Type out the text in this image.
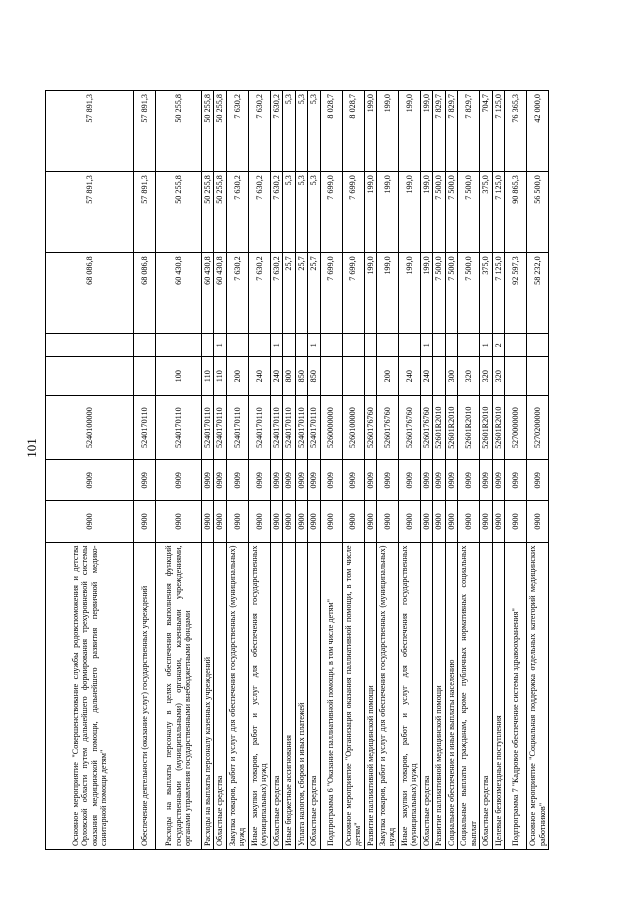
101
Основное мероприятие "Совершенствование службы родовспоможения и детства Орловской области путем дальнейшего формирования трехуровневой системы оказания медицинской помощи, дальнейшего развития первичной медико-санитарной помощи детям"	0900	0909	5240100000			68 086,8	57 891,3	57 891,3
Обеспечение деятельности (оказание услуг) государственных учреждений	0900	0909	5240170110			68 086,8	57 891,3	57 891,3
Расходы на выплаты персоналу в целях обеспечения выполнения функций государственными (муниципальными) органами, казенными учреждениями, органами управления государственными внебюджетными фондами	0900	0909	5240170110	100		60 430,8	50 255,8	50 255,8
Расходы на выплаты персоналу казенных учреждений	0900	0909	5240170110	110		60 430,8	50 255,8	50 255,8
Областные средства	0900	0909	5240170110	110	1	60 430,8	50 255,8	50 255,8
Закупка товаров, работ и услуг для обеспечения государственных (муниципальных) нужд	0900	0909	5240170110	200		7 630,2	7 630,2	7 630,2
Иные закупки товаров, работ и услуг для обеспечения государственных (муниципальных) нужд	0900	0909	5240170110	240		7 630,2	7 630,2	7 630,2
Областные средства	0900	0909	5240170110	240	1	7 630,2	7 630,2	7 630,2
Иные бюджетные ассигнования	0900	0909	5240170110	800		25,7	5,3	5,3
Уплата налогов, сборов и иных платежей	0900	0909	5240170110	850		25,7	5,3	5,3
Областные средства	0900	0909	5240170110	850	1	25,7	5,3	5,3
Подпрограмма 6 "Оказание паллиативной помощи, в том числе детям"	0900	0909	5260000000			7 699,0	7 699,0	8 028,7
Основное мероприятие "Организация оказания паллиативной помощи, в том числе детям"	0900	0909	5260100000			7 699,0	7 699,0	8 028,7
Развитие паллиативной медицинской помощи	0900	0909	5260176760			199,0	199,0	199,0
Закупка товаров, работ и услуг для обеспечения государственных (муниципальных) нужд	0900	0909	5260176760	200		199,0	199,0	199,0
Иные закупки товаров, работ и услуг для обеспечения государственных (муниципальных) нужд	0900	0909	5260176760	240		199,0	199,0	199,0
Областные средства	0900	0909	5260176760	240	1	199,0	199,0	199,0
Развитие паллиативной медицинской помощи	0900	0909	52601R2010			7 500,0	7 500,0	7 829,7
Социальное обеспечение и иные выплаты населению	0900	0909	52601R2010	300		7 500,0	7 500,0	7 829,7
Социальные выплаты гражданам, кроме публичных нормативных социальных выплат	0900	0909	52601R2010	320		7 500,0	7 500,0	7 829,7
Областные средства	0900	0909	52601R2010	320	1	375,0	375,0	704,7
Целевые безвозмездные поступления	0900	0909	52601R2010	320	2	7 125,0	7 125,0	7 125,0
Подпрограмма 7 "Кадровое обеспечение системы здравоохранения"	0900	0909	5270000000			92 597,3	90 865,3	76 365,3
Основное мероприятие "Социальная поддержка отдельных категорий медицинских работников"	0900	0909	5270200000			58 232,0	56 500,0	42 000,0
